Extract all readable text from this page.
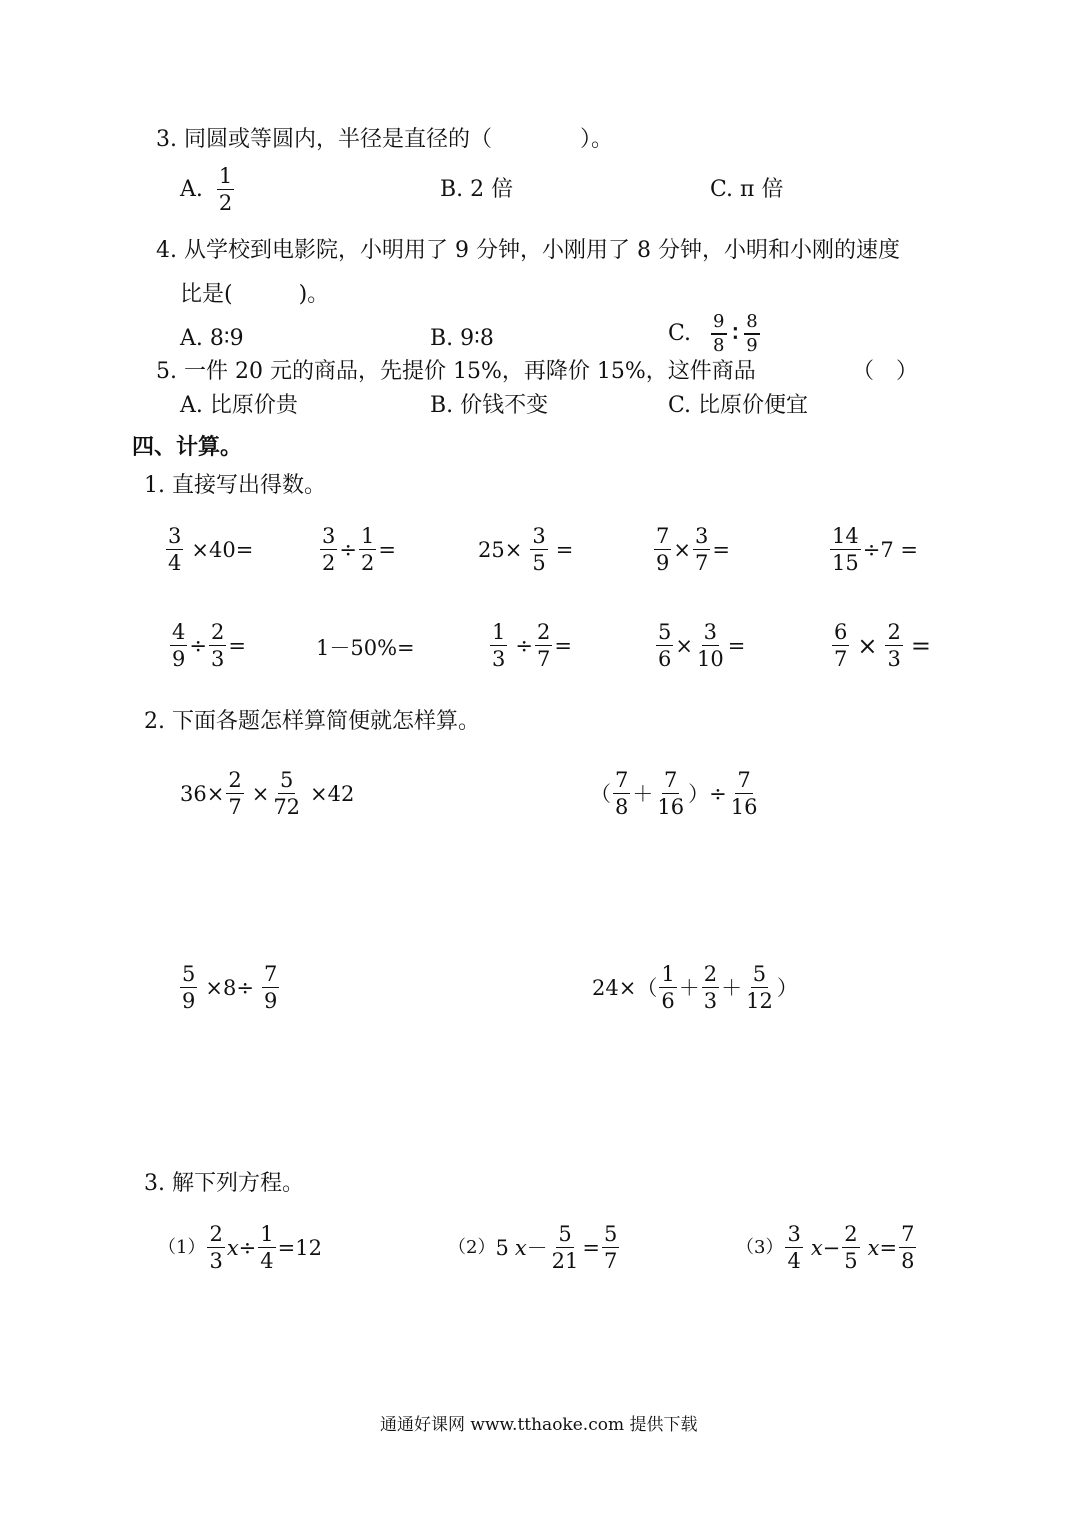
3. 同圆或等圆内，半径是直径的（　　　　）。
A. $\frac{1}{2}$	B. 2 倍	C. π 倍
4. 从学校到电影院，小明用了 9 分钟，小刚用了 8 分钟，小明和小刚的速度
比是(　　　)。
A. 8∶9	B. 9∶8	C. $\frac{9}{8}$ ∶ $\frac{8}{9}$
5. 一件 20 元的商品，先提价 15%，再降价 15%，这件商品	（　）
A. 比原价贵	B. 价钱不变	C. 比原价便宜
四、计算。
1. 直接写出得数。
$\frac{3}{4} \times 40=$	$\frac{3}{2} \div \frac{1}{2}$ =	$25\times \frac{3}{5}$ =	$\frac{7}{9} \times \frac{3}{7}$ =	$\frac{14}{15} \div 7$ =
$\frac{4}{9} \div \frac{2}{3}$ =	1－50%=	$\frac{1}{3} \div \frac{2}{7}$ =	$\frac{5}{6} \times \frac{3}{10}$ =	$\frac{6}{7} \times \frac{2}{3}$ =
2. 下面各题怎样算简便就怎样算。
$36\times \frac{2}{7} \times \frac{5}{72} \times 42$	（ $\frac{7}{8} + \frac{7}{16}$ ）÷ $\frac{7}{16}$
$\frac{5}{9} \times 8\div \frac{7}{9}$	$24\times( \frac{1}{6} + \frac{2}{3} + \frac{5}{12}$ ）
3. 解下列方程。
$(1) \frac{2}{3}$ $x \div \frac{1}{4} =12$	（2） 5 $x - \frac{5}{21} = \frac{5}{7}$	$(3) \frac{3}{4}$ $x - \frac{2}{5}$ $x = \frac{7}{8}$
通通好课网 www.tthaoke.com 提供下载
